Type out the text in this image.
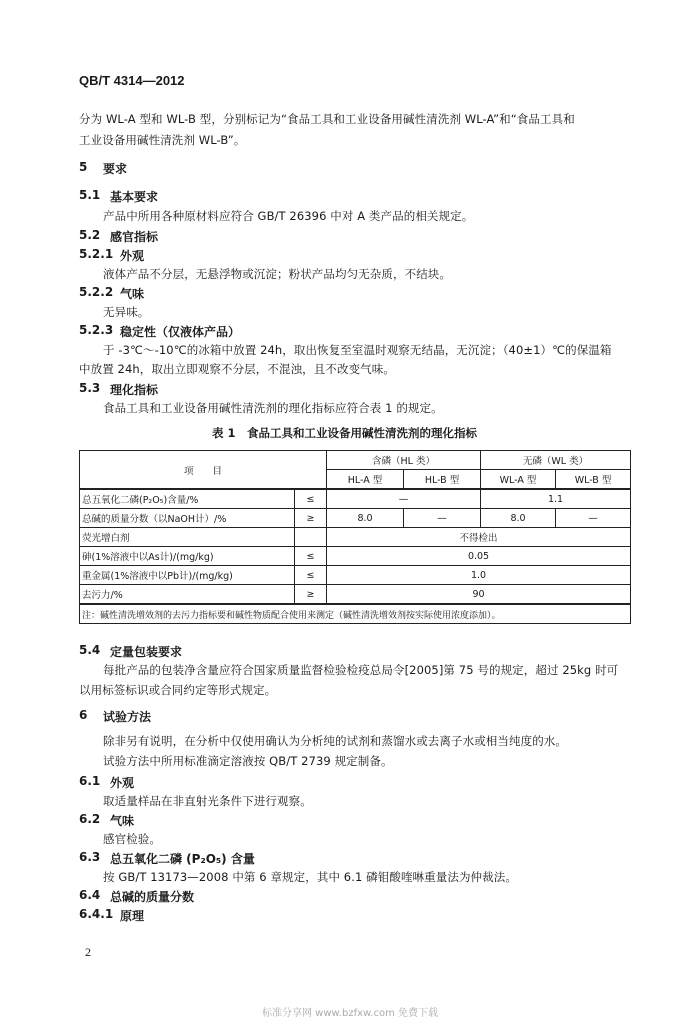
QB/T 4314—2012
分为 WL-A 型和 WL-B 型，分别标记为“食品工具和工业设备用碱性清洗剂 WL-A”和“食品工具和
工业设备用碱性清洗剂 WL-B”。
5 要求
5.1 基本要求
产品中所用各种原材料应符合 GB/T 26396 中对 A 类产品的相关规定。
5.2 感官指标
5.2.1 外观
液体产品不分层，无悬浮物或沉淀；粉状产品均匀无杂质，不结块。
5.2.2 气味
无异味。
5.2.3 稳定性（仅液体产品）
于 -3℃～-10℃的冰箱中放置 24h，取出恢复至室温时观察无结晶，无沉淀；（40±1）℃的保温箱
中放置 24h，取出立即观察不分层，不混浊，且不改变气味。
5.3 理化指标
食品工具和工业设备用碱性清洗剂的理化指标应符合表 1 的规定。
表 1　食品工具和工业设备用碱性清洗剂的理化指标
项　　目		含磷（HL 类）		无磷（WL 类）	
		HL-A 型	HL-B 型	WL-A 型	WL-B 型
总五氧化二磷(P₂O₅)含量/%	≤	—		1.1	
总碱的质量分数（以NaOH计）/%	≥	8.0	—	8.0	—
荧光增白剂		不得检出			
砷(1%溶液中以As计)/(mg/kg)	≤	0.05			
重金属(1%溶液中以Pb计)/(mg/kg)	≤	1.0			
去污力/%	≥	90			
注：碱性清洗增效剂的去污力指标要和碱性物质配合使用来测定（碱性清洗增效剂按实际使用浓度添加）。					
5.4 定量包装要求
每批产品的包装净含量应符合国家质量监督检验检疫总局令[2005]第 75 号的规定，超过 25kg 时可
以用标签标识或合同约定等形式规定。
6 试验方法
除非另有说明，在分析中仅使用确认为分析纯的试剂和蒸馏水或去离子水或相当纯度的水。
试验方法中所用标准滴定溶液按 QB/T 2739 规定制备。
6.1 外观
取适量样品在非直射光条件下进行观察。
6.2 气味
感官检验。
6.3 总五氧化二磷 (P₂O₅) 含量
按 GB/T 13173—2008 中第 6 章规定，其中 6.1 磷钼酸喹啉重量法为仲裁法。
6.4 总碱的质量分数
6.4.1 原理
2
标准分享网 www.bzfxw.com 免费下载
